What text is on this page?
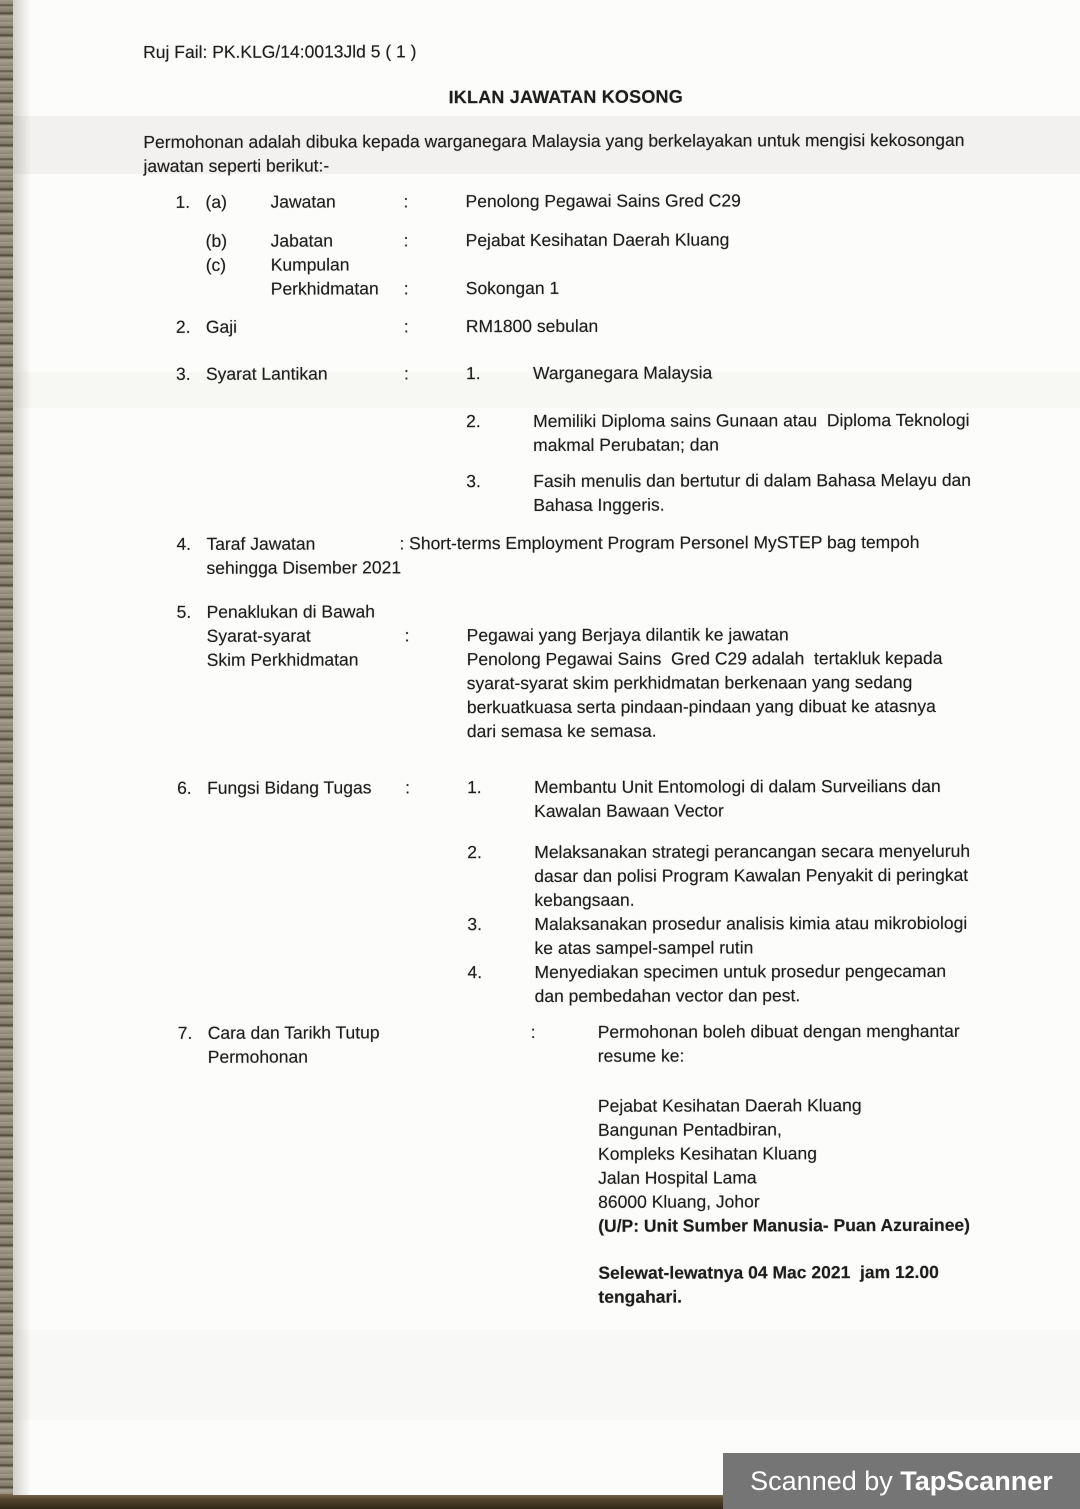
Ruj Fail: PK.KLG/14:0013Jld 5 ( 1 )
IKLAN JAWATAN KOSONG
Permohonan adalah dibuka kepada warganegara Malaysia yang berkelayakan untuk mengisi kekosongan
jawatan seperti berikut:-
1. (a)	Jawatan	:	Penolong Pegawai Sains Gred C29
(b)	Jabatan	:	Pejabat Kesihatan Daerah Kluang
(c)	Kumpulan
Perkhidmatan	:	Sokongan 1
2. Gaji	:	RM1800 sebulan
3. Syarat Lantikan	:	1.	Warganegara Malaysia
2.	Memiliki Diploma sains Gunaan atau  Diploma Teknologi
makmal Perubatan; dan
3.	Fasih menulis dan bertutur di dalam Bahasa Melayu dan
Bahasa Inggeris.
4. Taraf Jawatan	: Short-terms Employment Program Personel MySTEP bag tempoh
sehingga Disember 2021
5. Penaklukan di Bawah
Syarat-syarat
Skim Perkhidmatan
:	Pegawai yang Berjaya dilantik ke jawatan
Penolong Pegawai Sains  Gred C29 adalah  tertakluk kepada
syarat-syarat skim perkhidmatan berkenaan yang sedang
berkuatkuasa serta pindaan-pindaan yang dibuat ke atasnya
dari semasa ke semasa.
6. Fungsi Bidang Tugas	:	1.	Membantu Unit Entomologi di dalam Surveilians dan
Kawalan Bawaan Vector
2.	Melaksanakan strategi perancangan secara menyeluruh
dasar dan polisi Program Kawalan Penyakit di peringkat
kebangsaan.
3.	Malaksanakan prosedur analisis kimia atau mikrobiologi
ke atas sampel-sampel rutin
4.	Menyediakan specimen untuk prosedur pengecaman
dan pembedahan vector dan pest.
7. Cara dan Tarikh Tutup
Permohonan
:	Permohonan boleh dibuat dengan menghantar
resume ke:
Pejabat Kesihatan Daerah Kluang
Bangunan Pentadbiran,
Kompleks Kesihatan Kluang
Jalan Hospital Lama
86000 Kluang, Johor
(U/P: Unit Sumber Manusia- Puan Azurainee)
Selewat-lewatnya 04 Mac 2021  jam 12.00
tengahari.
Scanned by TapScanner
